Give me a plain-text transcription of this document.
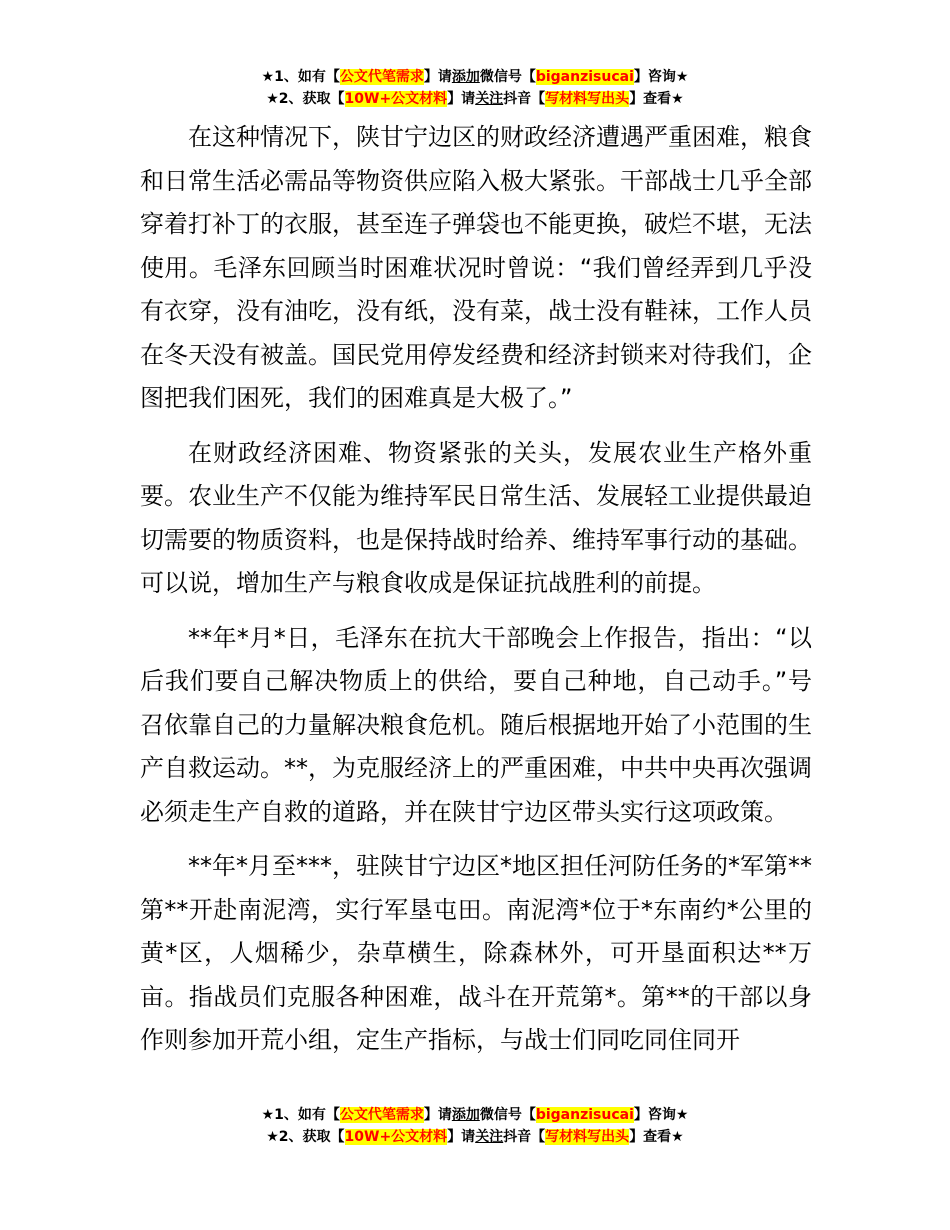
★1、如有【公文代笔需求】请添加微信号【biganzisucai】咨询★
★2、获取【10W+公文材料】请关注抖音【写材料写出头】查看★

在这种情况下，陕甘宁边区的财政经济遭遇严重困难，粮食和日常生活必需品等物资供应陷入极大紧张。干部战士几乎全部穿着打补丁的衣服，甚至连子弹袋也不能更换，破烂不堪，无法使用。毛泽东回顾当时困难状况时曾说：“我们曾经弄到几乎没有衣穿，没有油吃，没有纸，没有菜，战士没有鞋袜，工作人员在冬天没有被盖。国民党用停发经费和经济封锁来对待我们，企图把我们困死，我们的困难真是大极了。”

在财政经济困难、物资紧张的关头，发展农业生产格外重要。农业生产不仅能为维持军民日常生活、发展轻工业提供最迫切需要的物质资料，也是保持战时给养、维持军事行动的基础。可以说，增加生产与粮食收成是保证抗战胜利的前提。

**年*月*日，毛泽东在抗大干部晚会上作报告，指出：“以后我们要自己解决物质上的供给，要自己种地，自己动手。”号召依靠自己的力量解决粮食危机。随后根据地开始了小范围的生产自救运动。**，为克服经济上的严重困难，中共中央再次强调必须走生产自救的道路，并在陕甘宁边区带头实行这项政策。

**年*月至***，驻陕甘宁边区*地区担任河防任务的*军第**第**开赴南泥湾，实行军垦屯田。南泥湾*位于*东南约*公里的黄*区，人烟稀少，杂草横生，除森林外，可开垦面积达**万亩。指战员们克服各种困难，战斗在开荒第*。第**的干部以身作则参加开荒小组，定生产指标，与战士们同吃同住同开

★1、如有【公文代笔需求】请添加微信号【biganzisucai】咨询★
★2、获取【10W+公文材料】请关注抖音【写材料写出头】查看★
